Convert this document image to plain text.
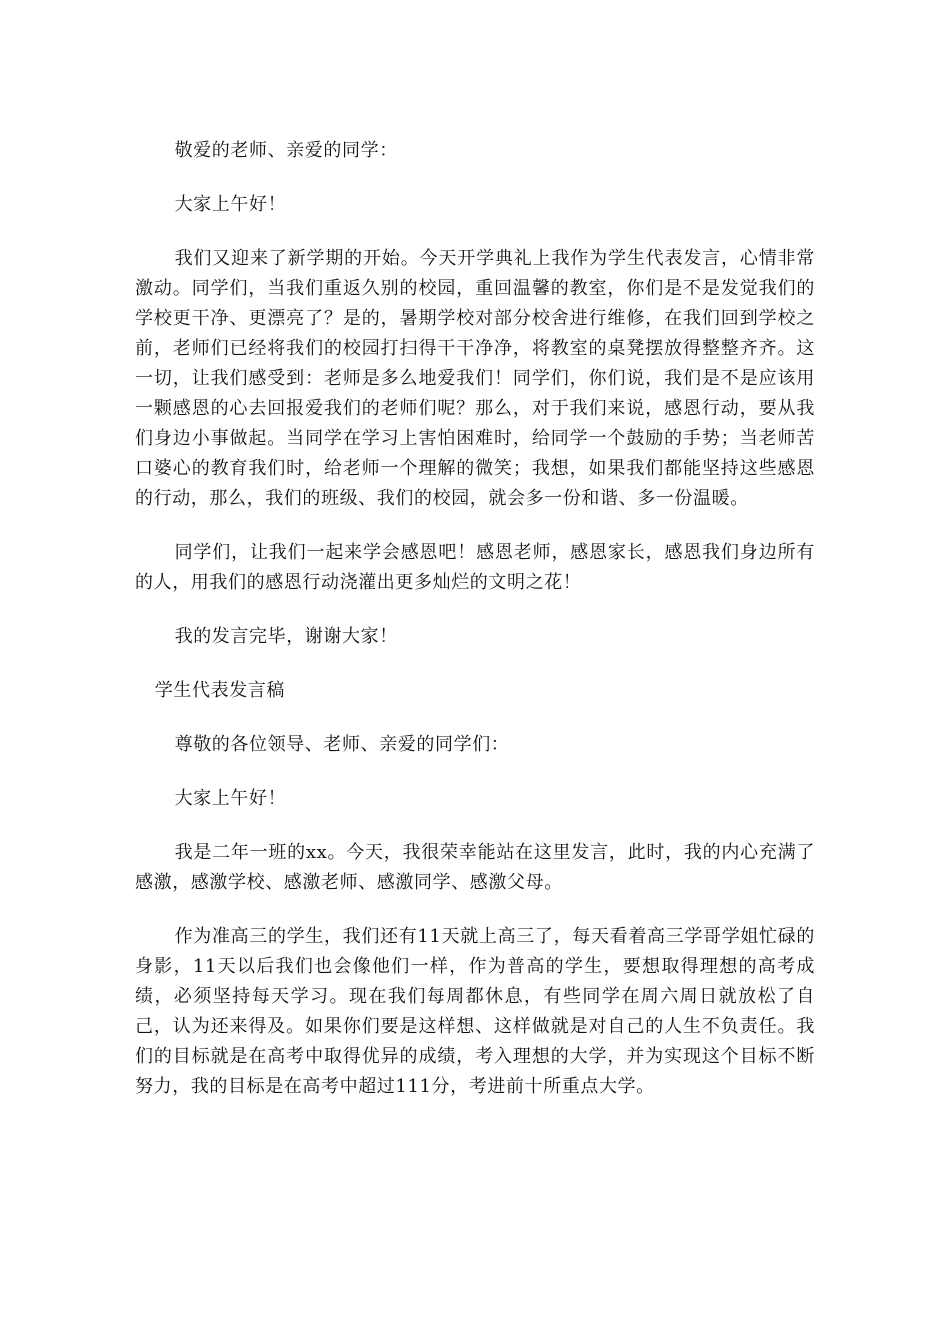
敬爱的老师、亲爱的同学：

大家上午好！

我们又迎来了新学期的开始。今天开学典礼上我作为学生代表发言，心情非常激动。同学们，当我们重返久别的校园，重回温馨的教室，你们是不是发觉我们的学校更干净、更漂亮了？是的，暑期学校对部分校舍进行维修，在我们回到学校之前，老师们已经将我们的校园打扫得干干净净，将教室的桌凳摆放得整整齐齐。这一切，让我们感受到：老师是多么地爱我们！同学们，你们说，我们是不是应该用一颗感恩的心去回报爱我们的老师们呢？那么，对于我们来说，感恩行动，要从我们身边小事做起。当同学在学习上害怕困难时，给同学一个鼓励的手势；当老师苦口婆心的教育我们时，给老师一个理解的微笑；我想，如果我们都能坚持这些感恩的行动，那么，我们的班级、我们的校园，就会多一份和谐、多一份温暖。

同学们，让我们一起来学会感恩吧！感恩老师，感恩家长，感恩我们身边所有的人，用我们的感恩行动浇灌出更多灿烂的文明之花！

我的发言完毕，谢谢大家！

学生代表发言稿

尊敬的各位领导、老师、亲爱的同学们：

大家上午好！

我是二年一班的xx。今天，我很荣幸能站在这里发言，此时，我的内心充满了感激，感激学校、感激老师、感激同学、感激父母。

作为准高三的学生，我们还有11天就上高三了，每天看着高三学哥学姐忙碌的身影，11天以后我们也会像他们一样，作为普高的学生，要想取得理想的高考成绩，必须坚持每天学习。现在我们每周都休息，有些同学在周六周日就放松了自己，认为还来得及。如果你们要是这样想、这样做就是对自己的人生不负责任。我们的目标就是在高考中取得优异的成绩，考入理想的大学，并为实现这个目标不断努力，我的目标是在高考中超过111分，考进前十所重点大学。
